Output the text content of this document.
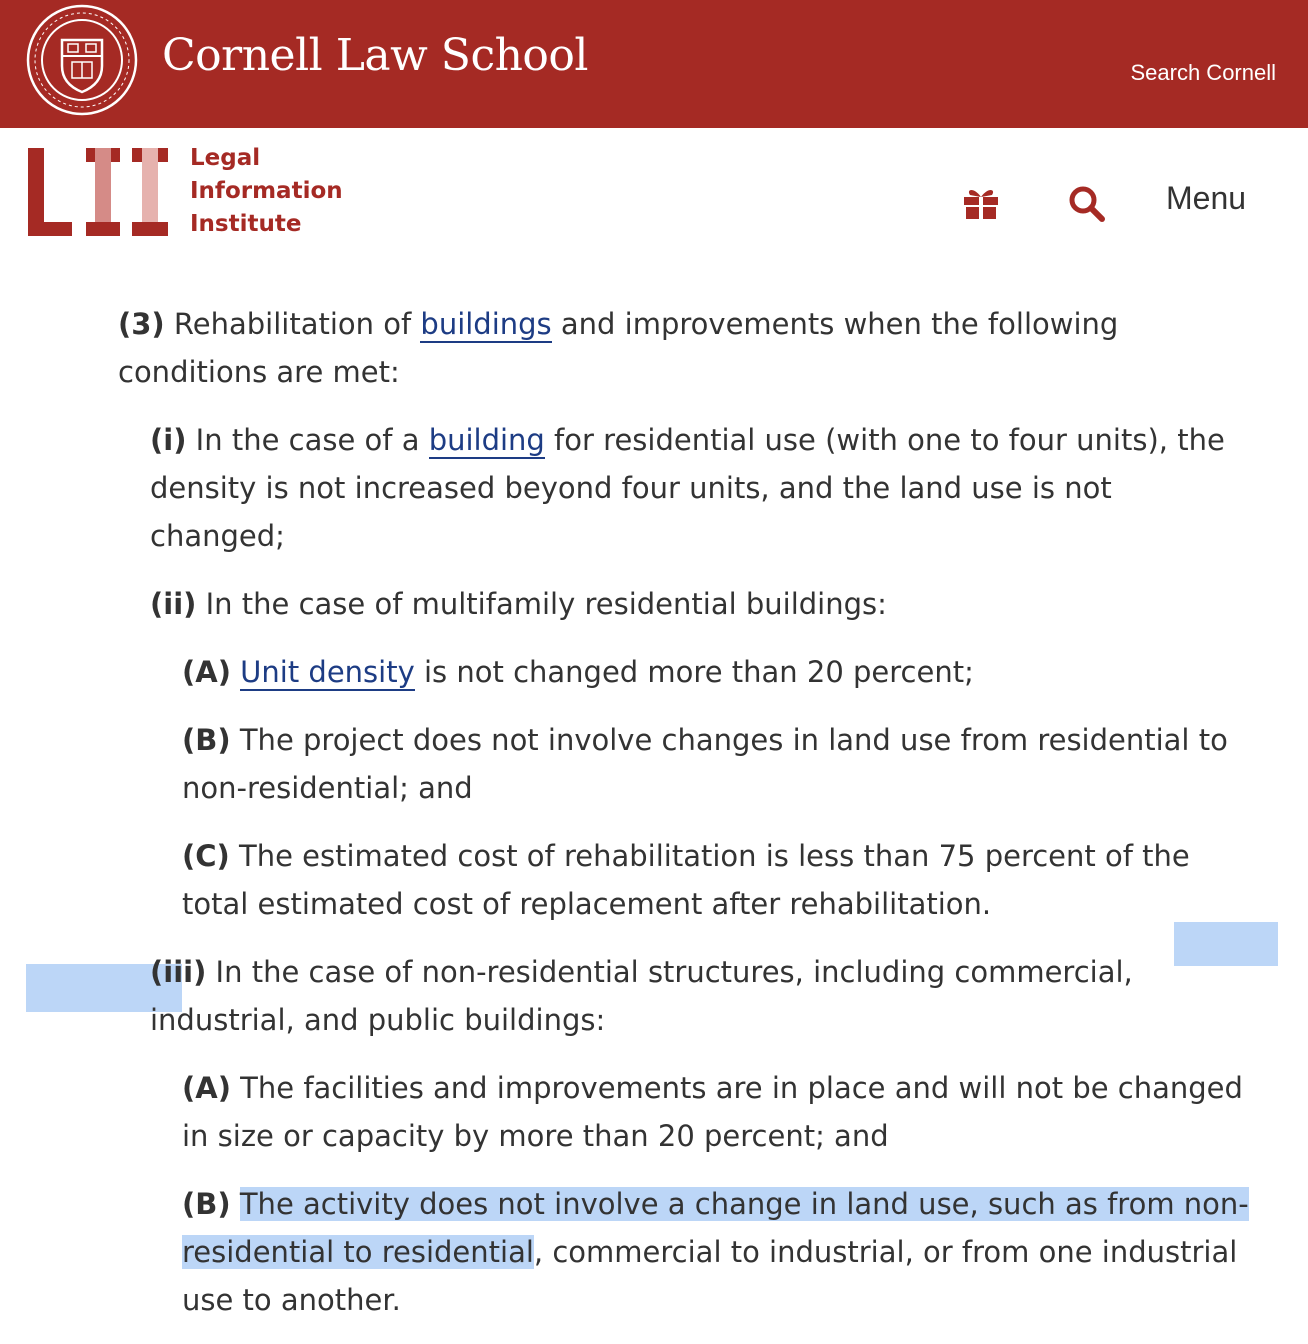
Cornell Law School	Search Cornell
Legal
Information
Institute
Menu

(3) Rehabilitation of buildings and improvements when the following conditions are met:

(i) In the case of a building for residential use (with one to four units), the density is not increased beyond four units, and the land use is not changed;

(ii) In the case of multifamily residential buildings:

(A) Unit density is not changed more than 20 percent;

(B) The project does not involve changes in land use from residential to non-residential; and

(C) The estimated cost of rehabilitation is less than 75 percent of the total estimated cost of replacement after rehabilitation.

(iii) In the case of non-residential structures, including commercial, industrial, and public buildings:

(A) The facilities and improvements are in place and will not be changed in size or capacity by more than 20 percent; and

(B) The activity does not involve a change in land use, such as from non-residential to residential, commercial to industrial, or from one industrial use to another.
